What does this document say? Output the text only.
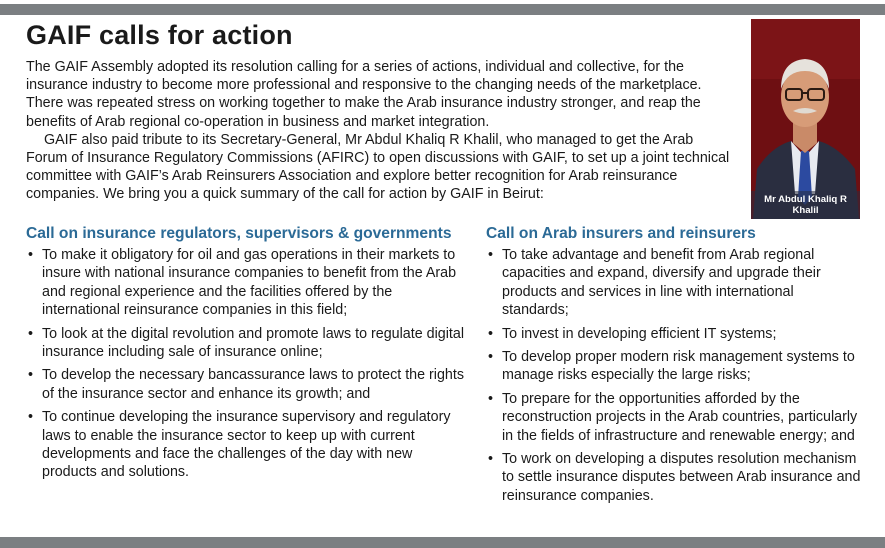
GAIF calls for action

The GAIF Assembly adopted its resolution calling for a series of actions, individual and collective, for the insurance industry to become more professional and responsive to the changing needs of the marketplace. There was repeated stress on working together to make the Arab insurance industry stronger, and reap the benefits of Arab regional co-operation in business and market integration.

GAIF also paid tribute to its Secretary-General, Mr Abdul Khaliq R Khalil, who managed to get the Arab Forum of Insurance Regulatory Commissions (AFIRC) to open discussions with GAIF, to set up a joint technical committee with GAIF’s Arab Reinsurers Association and explore better recognition for Arab reinsurance companies. We bring you a quick summary of the call for action by GAIF in Beirut:	Mr Abdul Khaliq R Khalil
Call on insurance regulators, supervisors & governments
• To make it obligatory for oil and gas operations in their markets to insure with national insurance companies to benefit from the Arab and regional experience and the facilities offered by the international reinsurance companies in this field;
• To look at the digital revolution and promote laws to regulate digital insurance including sale of insurance online;
• To develop the necessary bancassurance laws to protect the rights of the insurance sector and enhance its growth; and
• To continue developing the insurance supervisory and regulatory laws to enable the insurance sector to keep up with current developments and face the challenges of the day with new products and solutions.
Call on Arab insurers and reinsurers
• To take advantage and benefit from Arab regional capacities and expand, diversify and upgrade their products and services in line with international standards;
• To invest in developing efficient IT systems;
• To develop proper modern risk management systems to manage risks especially the large risks;
• To prepare for the opportunities afforded by the reconstruction projects in the Arab countries, particularly in the fields of infrastructure and renewable energy; and
• To work on developing a disputes resolution mechanism to settle insurance disputes between Arab insurance and reinsurance companies.
